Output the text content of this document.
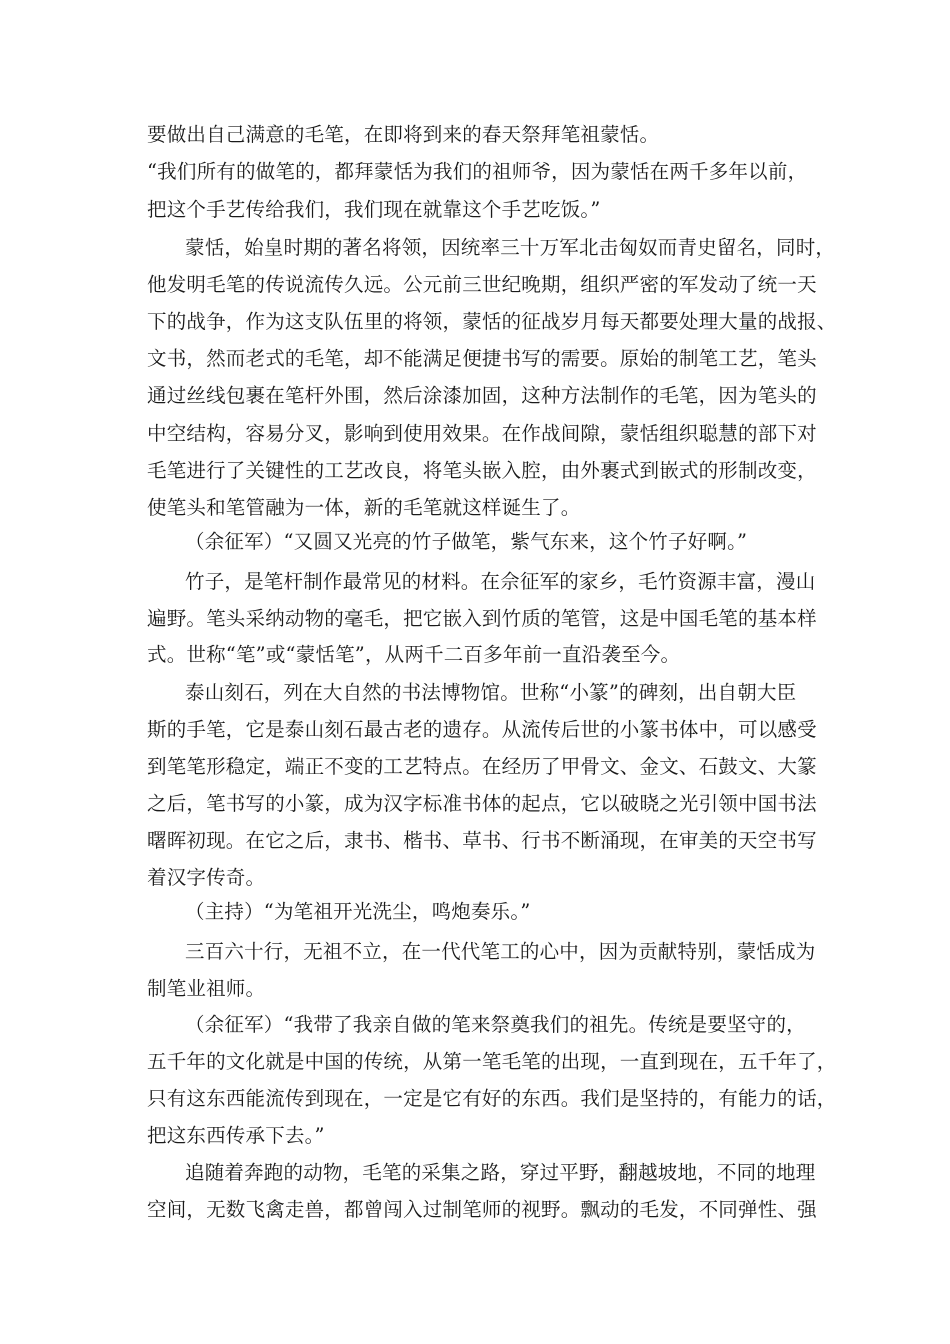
要做出自己满意的毛笔，在即将到来的春天祭拜笔祖蒙恬。
“我们所有的做笔的，都拜蒙恬为我们的祖师爷，因为蒙恬在两千多年以前，
把这个手艺传给我们，我们现在就靠这个手艺吃饭。”
蒙恬，始皇时期的著名将领，因统率三十万军北击匈奴而青史留名，同时，
他发明毛笔的传说流传久远。公元前三世纪晚期，组织严密的军发动了统一天
下的战争，作为这支队伍里的将领，蒙恬的征战岁月每天都要处理大量的战报、
文书，然而老式的毛笔，却不能满足便捷书写的需要。原始的制笔工艺，笔头
通过丝线包裹在笔杆外围，然后涂漆加固，这种方法制作的毛笔，因为笔头的
中空结构，容易分叉，影响到使用效果。在作战间隙，蒙恬组织聪慧的部下对
毛笔进行了关键性的工艺改良，将笔头嵌入腔，由外裹式到嵌式的形制改变，
使笔头和笔管融为一体，新的毛笔就这样诞生了。
（余征军）“又圆又光亮的竹子做笔，紫气东来，这个竹子好啊。”
竹子，是笔杆制作最常见的材料。在佘征军的家乡，毛竹资源丰富，漫山
遍野。笔头采纳动物的毫毛，把它嵌入到竹质的笔管，这是中国毛笔的基本样
式。世称“笔”或“蒙恬笔”，从两千二百多年前一直沿袭至今。
泰山刻石，列在大自然的书法博物馆。世称“小篆”的碑刻，出自朝大臣
斯的手笔，它是泰山刻石最古老的遗存。从流传后世的小篆书体中，可以感受
到笔笔形稳定，端正不变的工艺特点。在经历了甲骨文、金文、石鼓文、大篆
之后，笔书写的小篆，成为汉字标准书体的起点，它以破晓之光引领中国书法
曙晖初现。在它之后，隶书、楷书、草书、行书不断涌现，在审美的天空书写
着汉字传奇。
（主持）“为笔祖开光洗尘，鸣炮奏乐。”
三百六十行，无祖不立，在一代代笔工的心中，因为贡献特别，蒙恬成为
制笔业祖师。
（余征军）“我带了我亲自做的笔来祭奠我们的祖先。传统是要坚守的，
五千年的文化就是中国的传统，从第一笔毛笔的出现，一直到现在，五千年了，
只有这东西能流传到现在，一定是它有好的东西。我们是坚持的，有能力的话，
把这东西传承下去。”
追随着奔跑的动物，毛笔的采集之路，穿过平野，翻越坡地，不同的地理
空间，无数飞禽走兽，都曾闯入过制笔师的视野。飘动的毛发，不同弹性、强
